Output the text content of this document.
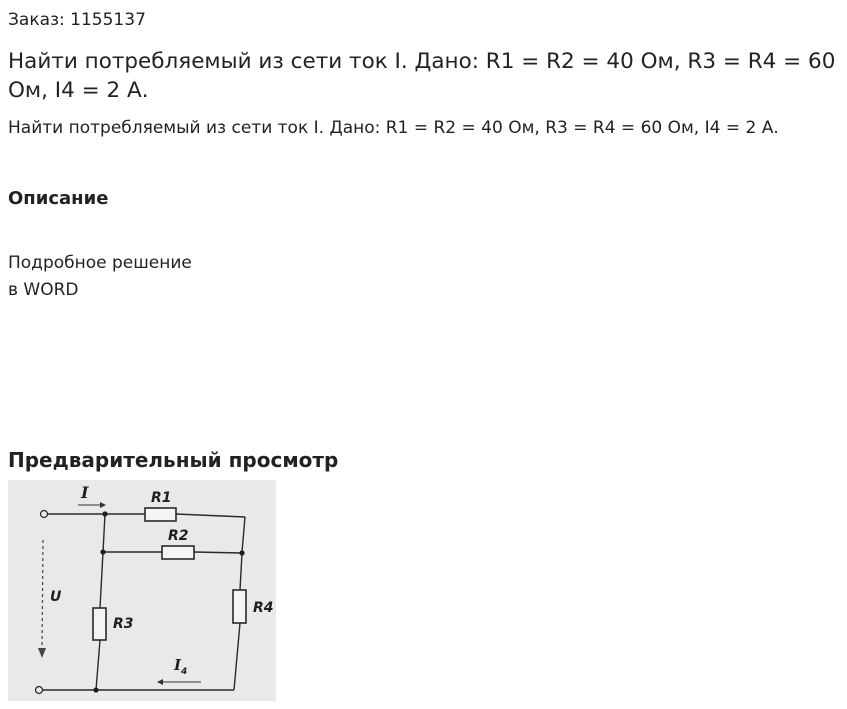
Заказ: 1155137
Найти потребляемый из сети ток I. Дано: R1 = R2 = 40 Ом, R3 = R4 = 60 Ом, I4 = 2 А.

Найти потребляемый из сети ток I. Дано: R1 = R2 = 40 Ом, R3 = R4 = 60 Ом, I4 = 2 А.

Описание
Подробное решение
в WORD
Предварительный просмотр
I	R1
R2
R3
R4
U
I 4
